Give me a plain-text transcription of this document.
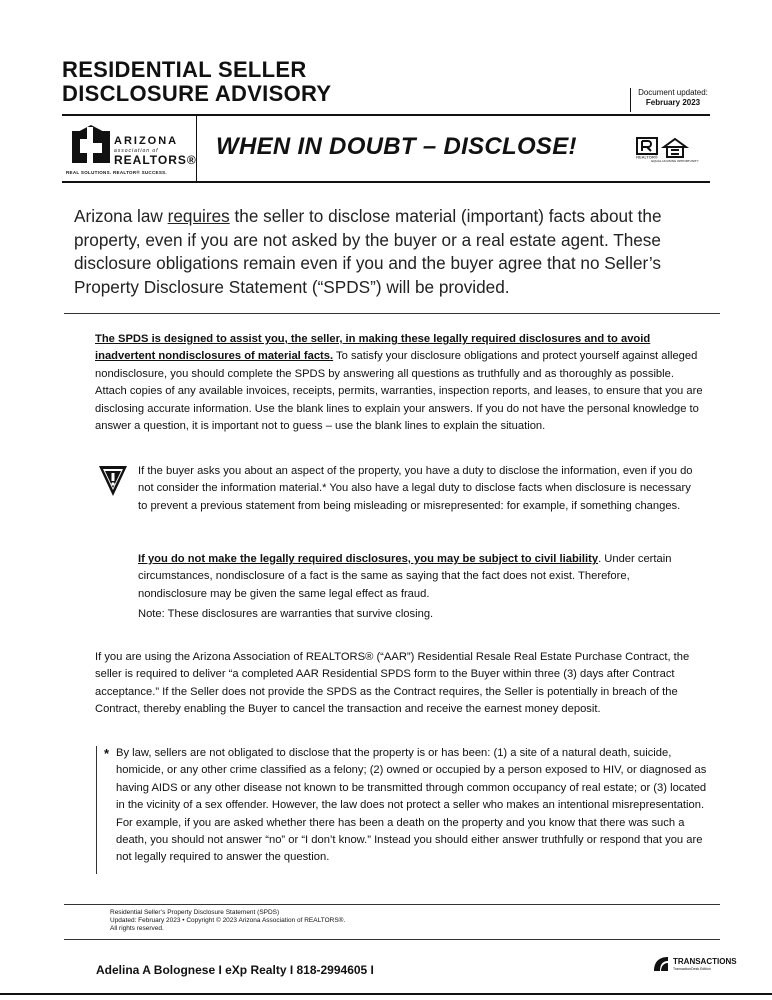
RESIDENTIAL SELLER
DISCLOSURE ADVISORY	Document updated:
February 2023
ARIZONA
association of
REALTORS®
REAL SOLUTIONS. REALTOR® SUCCESS.
WHEN IN DOUBT – DISCLOSE!	REALTOR®
EQUAL HOUSING OPPORTUNITY
Arizona law requires the seller to disclose material (important) facts about the property, even if you are not asked by the buyer or a real estate agent. These disclosure obligations remain even if you and the buyer agree that no Seller’s Property Disclosure Statement (“SPDS”) will be provided.
The SPDS is designed to assist you, the seller, in making these legally required disclosures and to avoid inadvertent nondisclosures of material facts. To satisfy your disclosure obligations and protect yourself against alleged nondisclosure, you should complete the SPDS by answering all questions as truthfully and as thoroughly as possible. Attach copies of any available invoices, receipts, permits, warranties, inspection reports, and leases, to ensure that you are disclosing accurate information. Use the blank lines to explain your answers. If you do not have the personal knowledge to answer a question, it is important not to guess – use the blank lines to explain the situation.
If the buyer asks you about an aspect of the property, you have a duty to disclose the information, even if you do not consider the information material.* You also have a legal duty to disclose facts when disclosure is necessary to prevent a previous statement from being misleading or misrepresented: for example, if something changes.
If you do not make the legally required disclosures, you may be subject to civil liability. Under certain circumstances, nondisclosure of a fact is the same as saying that the fact does not exist. Therefore, nondisclosure may be given the same legal effect as fraud.
Note: These disclosures are warranties that survive closing.
If you are using the Arizona Association of REALTORS® (“AAR”) Residential Resale Real Estate Purchase Contract, the seller is required to deliver “a completed AAR Residential SPDS form to the Buyer within three (3) days after Contract acceptance.” If the Seller does not provide the SPDS as the Contract requires, the Seller is potentially in breach of the Contract, thereby enabling the Buyer to cancel the transaction and receive the earnest money deposit.
* By law, sellers are not obligated to disclose that the property is or has been: (1) a site of a natural death, suicide, homicide, or any other crime classified as a felony; (2) owned or occupied by a person exposed to HIV, or diagnosed as having AIDS or any other disease not known to be transmitted through common occupancy of real estate; or (3) located in the vicinity of a sex offender. However, the law does not protect a seller who makes an intentional misrepresentation. For example, if you are asked whether there has been a death on the property and you know that there was such a death, you should not answer “no” or “I don’t know.” Instead you should either answer truthfully or respond that you are not legally required to answer the question.
Residential Seller’s Property Disclosure Statement (SPDS)
Updated: February 2023 • Copyright © 2023 Arizona Association of REALTORS®.
All rights reserved.
Adelina A Bolognese I eXp Realty I 818-2994605 I
TRANSACTIONS
TransactionDesk Edition
